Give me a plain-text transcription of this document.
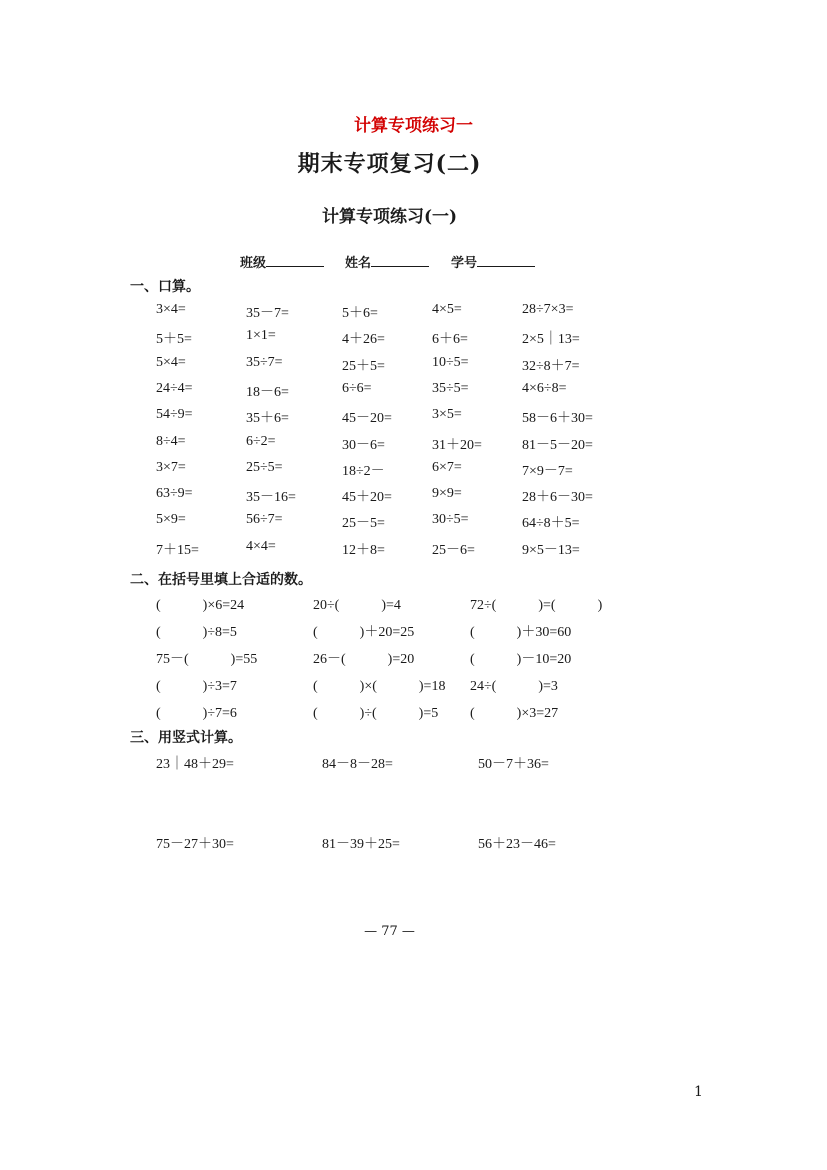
计算专项练习一
期末专项复习(二)
计算专项练习(一)
班级	姓名	学号
一、口算。
3×4=	35－7=	5＋6=	4×5=	28÷7×3=
5＋5=	1×1=	4＋26=	6＋6=	2×5｜13=
5×4=	35÷7=	25＋5=	10÷5=	32÷8＋7=
24÷4=	18－6=	6÷6=	35÷5=	4×6÷8=
54÷9=	35＋6=	45－20=	3×5=	58－6＋30=
8÷4=	6÷2=	30－6=	31＋20=	81－5－20=
3×7=	25÷5=	18÷2－	6×7=	7×9－7=
63÷9=	35－16=	45＋20=	9×9=	28＋6－30=
5×9=	56÷7=	25－5=	30÷5=	64÷8＋5=
7＋15=	4×4=	12＋8=	25－6=	9×5－13=
二、在括号里填上合适的数。
(　　　)×6=24	20÷(　　　)=4	72÷(　　　)=(　　　)
(　　　)÷8=5	(　　　)＋20=25	(　　　)＋30=60
75－(　　　)=55	26－(　　　)=20	(　　　)－10=20
(　　　)÷3=7	(　　　)×(　　　)=18 24÷(　　　)=3
(　　　)÷7=6	(　　　)÷(　　　)=5 (　　　)×3=27
三、用竖式计算。
23｜48＋29=	84－8－28=	50－7＋36=
75－27＋30=	81－39＋25=	56＋23－46=
— 77 —
1
